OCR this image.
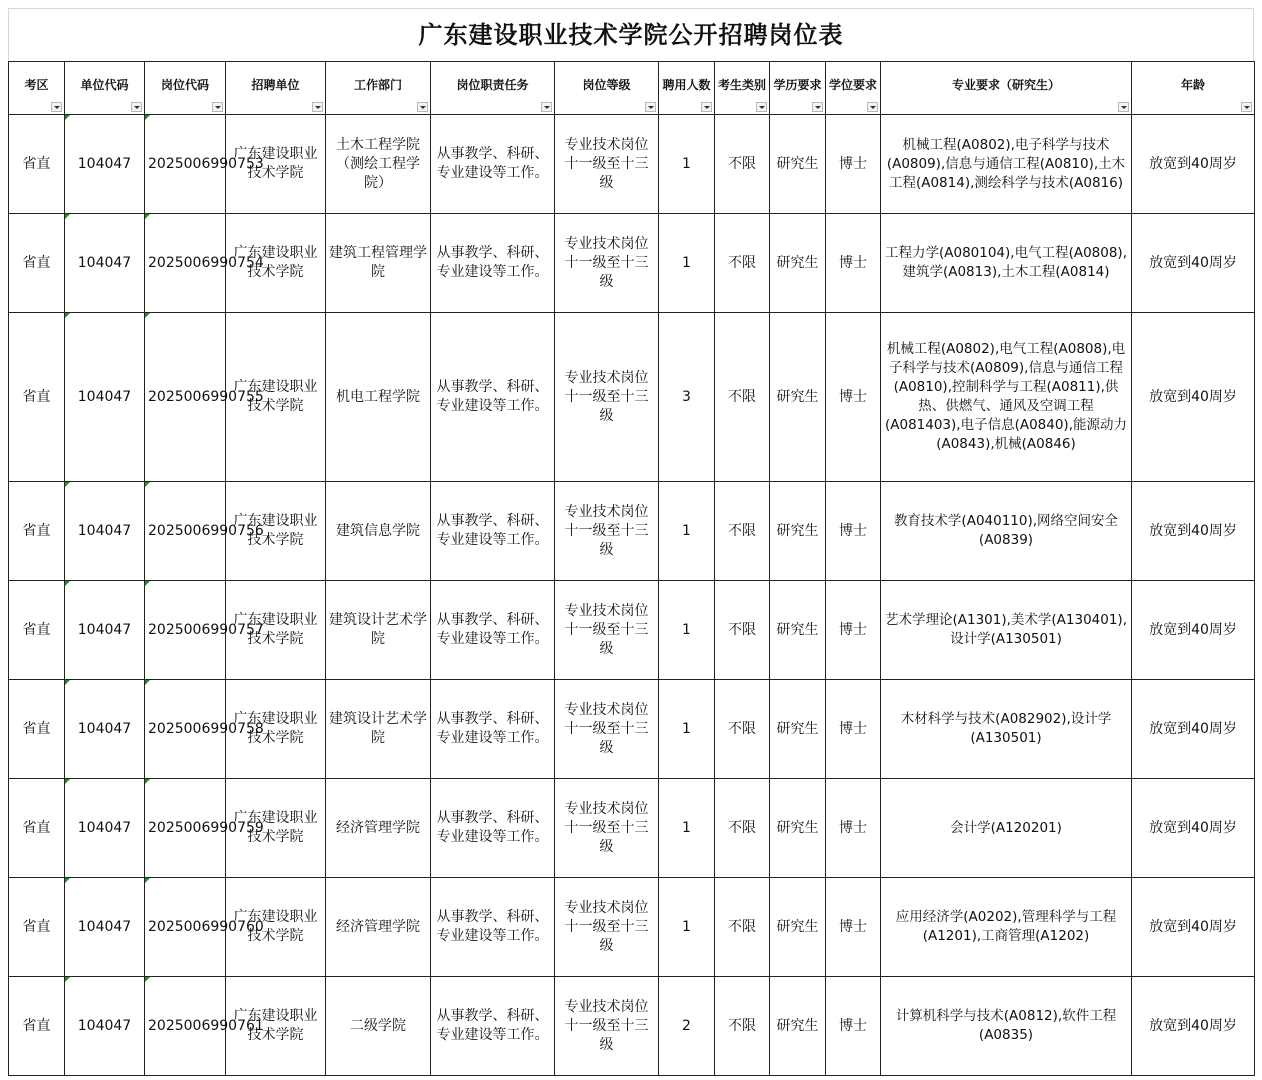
广东建设职业技术学院公开招聘岗位表
考区	单位代码	岗位代码	招聘单位	工作部门	岗位职责任务	岗位等级	聘用人数	考生类别	学历要求	学位要求	专业要求（研究生）	年龄

省直	104047	2025006990753	广东建设职业技术学院	土木工程学院（测绘工程学院）	从事教学、科研、专业建设等工作。	专业技术岗位十一级至十三级	1	不限	研究生	博士	机械工程(A0802),电子科学与技术(A0809),信息与通信工程(A0810),土木工程(A0814),测绘科学与技术(A0816)	放宽到40周岁
省直	104047	2025006990754	广东建设职业技术学院	建筑工程管理学院	从事教学、科研、专业建设等工作。	专业技术岗位十一级至十三级	1	不限	研究生	博士	工程力学(A080104),电气工程(A0808),建筑学(A0813),土木工程(A0814)	放宽到40周岁
省直	104047	2025006990755	广东建设职业技术学院	机电工程学院	从事教学、科研、专业建设等工作。	专业技术岗位十一级至十三级	3	不限	研究生	博士	机械工程(A0802),电气工程(A0808),电子科学与技术(A0809),信息与通信工程(A0810),控制科学与工程(A0811),供热、供燃气、通风及空调工程(A081403),电子信息(A0840),能源动力(A0843),机械(A0846)	放宽到40周岁
省直	104047	2025006990756	广东建设职业技术学院	建筑信息学院	从事教学、科研、专业建设等工作。	专业技术岗位十一级至十三级	1	不限	研究生	博士	教育技术学(A040110),网络空间安全(A0839)	放宽到40周岁
省直	104047	2025006990757	广东建设职业技术学院	建筑设计艺术学院	从事教学、科研、专业建设等工作。	专业技术岗位十一级至十三级	1	不限	研究生	博士	艺术学理论(A1301),美术学(A130401),设计学(A130501)	放宽到40周岁
省直	104047	2025006990758	广东建设职业技术学院	建筑设计艺术学院	从事教学、科研、专业建设等工作。	专业技术岗位十一级至十三级	1	不限	研究生	博士	木材科学与技术(A082902),设计学(A130501)	放宽到40周岁
省直	104047	2025006990759	广东建设职业技术学院	经济管理学院	从事教学、科研、专业建设等工作。	专业技术岗位十一级至十三级	1	不限	研究生	博士	会计学(A120201)	放宽到40周岁
省直	104047	2025006990760	广东建设职业技术学院	经济管理学院	从事教学、科研、专业建设等工作。	专业技术岗位十一级至十三级	1	不限	研究生	博士	应用经济学(A0202),管理科学与工程(A1201),工商管理(A1202)	放宽到40周岁
省直	104047	2025006990761	广东建设职业技术学院	二级学院	从事教学、科研、专业建设等工作。	专业技术岗位十一级至十三级	2	不限	研究生	博士	计算机科学与技术(A0812),软件工程(A0835)	放宽到40周岁
